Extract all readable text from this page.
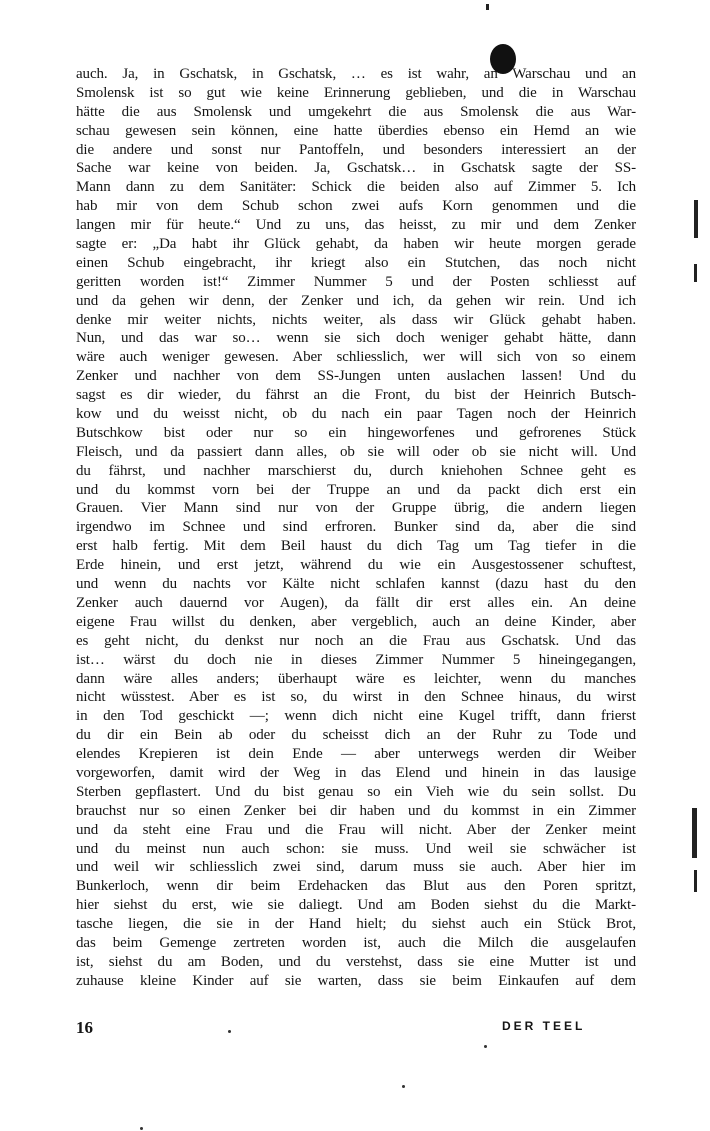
auch. Ja, in Gschatsk, in Gschatsk, … es ist wahr, an Warschau und an
Smolensk ist so gut wie keine Erinnerung geblieben, und die in Warschau
hätte die aus Smolensk und umgekehrt die aus Smolensk die aus War-
schau gewesen sein können, eine hatte überdies ebenso ein Hemd an wie
die andere und sonst nur Pantoffeln, und besonders interessiert an der
Sache war keine von beiden. Ja, Gschatsk… in Gschatsk sagte der SS-
Mann dann zu dem Sanitäter: Schick die beiden also auf Zimmer 5. Ich
hab mir von dem Schub schon zwei aufs Korn genommen und die
langen mir für heute.“ Und zu uns, das heisst, zu mir und dem Zenker
sagte er: „Da habt ihr Glück gehabt, da haben wir heute morgen gerade
einen Schub eingebracht, ihr kriegt also ein Stutchen, das noch nicht
geritten worden ist!“ Zimmer Nummer 5 und der Posten schliesst auf
und da gehen wir denn, der Zenker und ich, da gehen wir rein. Und ich
denke mir weiter nichts, nichts weiter, als dass wir Glück gehabt haben.
Nun, und das war so… wenn sie sich doch weniger gehabt hätte, dann
wäre auch weniger gewesen. Aber schliesslich, wer will sich von so einem
Zenker und nachher von dem SS-Jungen unten auslachen lassen! Und du
sagst es dir wieder, du fährst an die Front, du bist der Heinrich Butsch-
kow und du weisst nicht, ob du nach ein paar Tagen noch der Heinrich
Butschkow bist oder nur so ein hingeworfenes und gefrorenes Stück
Fleisch, und da passiert dann alles, ob sie will oder ob sie nicht will. Und
du fährst, und nachher marschierst du, durch kniehohen Schnee geht es
und du kommst vorn bei der Truppe an und da packt dich erst ein
Grauen. Vier Mann sind nur von der Gruppe übrig, die andern liegen
irgendwo im Schnee und sind erfroren. Bunker sind da, aber die sind
erst halb fertig. Mit dem Beil haust du dich Tag um Tag tiefer in die
Erde hinein, und erst jetzt, während du wie ein Ausgestossener schuftest,
und wenn du nachts vor Kälte nicht schlafen kannst (dazu hast du den
Zenker auch dauernd vor Augen), da fällt dir erst alles ein. An deine
eigene Frau willst du denken, aber vergeblich, auch an deine Kinder, aber
es geht nicht, du denkst nur noch an die Frau aus Gschatsk. Und das
ist… wärst du doch nie in dieses Zimmer Nummer 5 hineingegangen,
dann wäre alles anders; überhaupt wäre es leichter, wenn du manches
nicht wüsstest. Aber es ist so, du wirst in den Schnee hinaus, du wirst
in den Tod geschickt —; wenn dich nicht eine Kugel trifft, dann frierst
du dir ein Bein ab oder du scheisst dich an der Ruhr zu Tode und
elendes Krepieren ist dein Ende — aber unterwegs werden dir Weiber
vorgeworfen, damit wird der Weg in das Elend und hinein in das lausige
Sterben gepflastert. Und du bist genau so ein Vieh wie du sein sollst. Du
brauchst nur so einen Zenker bei dir haben und du kommst in ein Zimmer
und da steht eine Frau und die Frau will nicht. Aber der Zenker meint
und du meinst nun auch schon: sie muss. Und weil sie schwächer ist
und weil wir schliesslich zwei sind, darum muss sie auch. Aber hier im
Bunkerloch, wenn dir beim Erdehacken das Blut aus den Poren spritzt,
hier siehst du erst, wie sie daliegt. Und am Boden siehst du die Markt-
tasche liegen, die sie in der Hand hielt; du siehst auch ein Stück Brot,
das beim Gemenge zertreten worden ist, auch die Milch die ausgelaufen
ist, siehst du am Boden, und du verstehst, dass sie eine Mutter ist und
zuhause kleine Kinder auf sie warten, dass sie beim Einkaufen auf dem
16	DER TEEL
